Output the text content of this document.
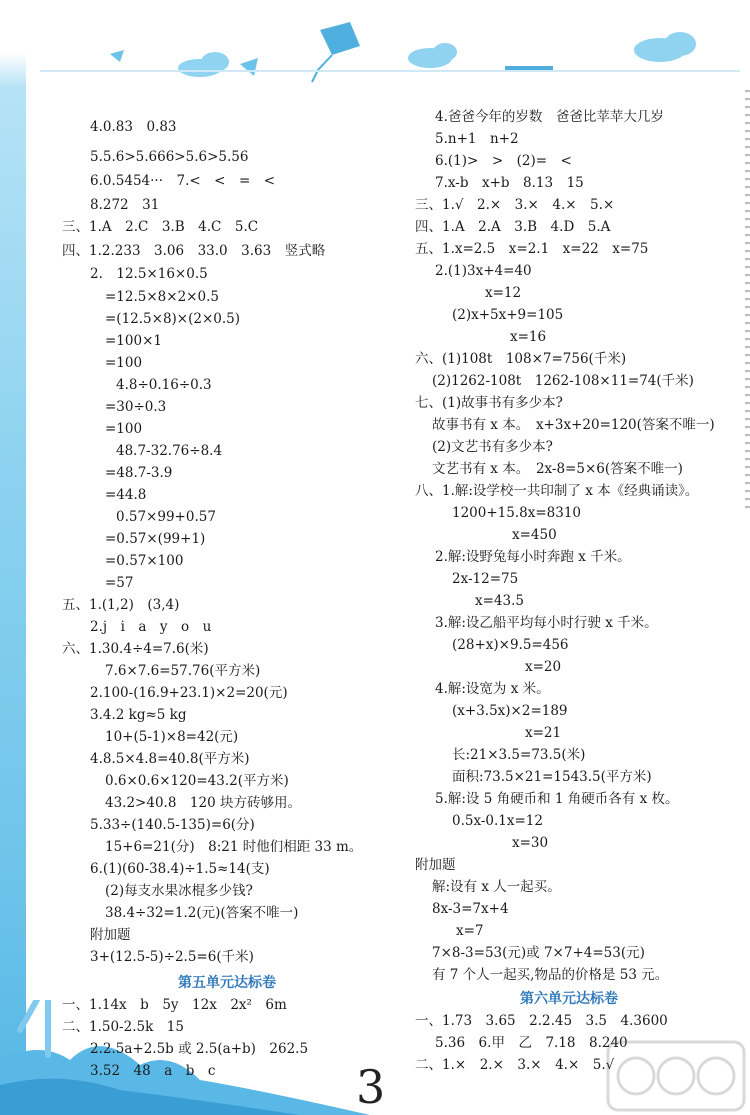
4.0.83　0.83
5.5.6>5.666>5.6>5.56
6.0.5454···　7.<　<　=　<
8.272　31
三、1.A　2.C　3.B　4.C　5.C
四、1.2.233　3.06　33.0　3.63　竖式略
2.　12.5×16×0.5
=12.5×8×2×0.5
=(12.5×8)×(2×0.5)
=100×1
=100
4.8÷0.16÷0.3
=30÷0.3
=100
48.7-32.76÷8.4
=48.7-3.9
=44.8
0.57×99+0.57
=0.57×(99+1)
=0.57×100
=57
五、1.(1,2)　(3,4)
2.j　i　a　y　o　u
六、1.30.4÷4=7.6(米)
7.6×7.6=57.76(平方米)
2.100-(16.9+23.1)×2=20(元)
3.4.2 kg≈5 kg
10+(5-1)×8=42(元)
4.8.5×4.8=40.8(平方米)
0.6×0.6×120=43.2(平方米)
43.2>40.8　120 块方砖够用。
5.33÷(140.5-135)=6(分)
15+6=21(分)　8:21 时他们相距 33 m。
6.(1)(60-38.4)÷1.5≈14(支)
(2)每支水果冰棍多少钱?
38.4÷32=1.2(元)(答案不唯一)
附加题
3+(12.5-5)÷2.5=6(千米)
一、1.14x　b　5y　12x　2x²　6m
二、1.50-2.5k　15
2.2.5a+2.5b 或 2.5(a+b)　262.5
3.52　48　a　b　c
第五单元达标卷
4.爸爸今年的岁数　爸爸比苹苹大几岁
5.n+1　n+2
6.(1)>　>　(2)=　<
7.x-b　x+b　8.13　15
三、1.√　2.×　3.×　4.×　5.×
四、1.A　2.A　3.B　4.D　5.A
五、1.x=2.5　x=2.1　x=22　x=75
2.(1)3x+4=40
x=12
(2)x+5x+9=105
x=16
六、(1)108t　108×7=756(千米)
(2)1262-108t　1262-108×11=74(千米)
七、(1)故事书有多少本?
故事书有 x 本。　x+3x+20=120(答案不唯一)
(2)文艺书有多少本?
文艺书有 x 本。　2x-8=5×6(答案不唯一)
八、1.解:设学校一共印制了 x 本《经典诵读》。
1200+15.8x=8310
x=450
2.解:设野兔每小时奔跑 x 千米。
2x-12=75
x=43.5
3.解:设乙船平均每小时行驶 x 千米。
(28+x)×9.5=456
x=20
4.解:设宽为 x 米。
(x+3.5x)×2=189
x=21
长:21×3.5=73.5(米)
面积:73.5×21=1543.5(平方米)
5.解:设 5 角硬币和 1 角硬币各有 x 枚。
0.5x-0.1x=12
x=30
附加题
解:设有 x 人一起买。
8x-3=7x+4
x=7
7×8-3=53(元)或 7×7+4=53(元)
有 7 个人一起买,物品的价格是 53 元。
一、1.73　3.65　2.2.45　3.5　4.3600
5.36　6.甲　乙　7.18　8.240
二、1.×　2.×　3.×　4.×　5.√
第六单元达标卷
3
